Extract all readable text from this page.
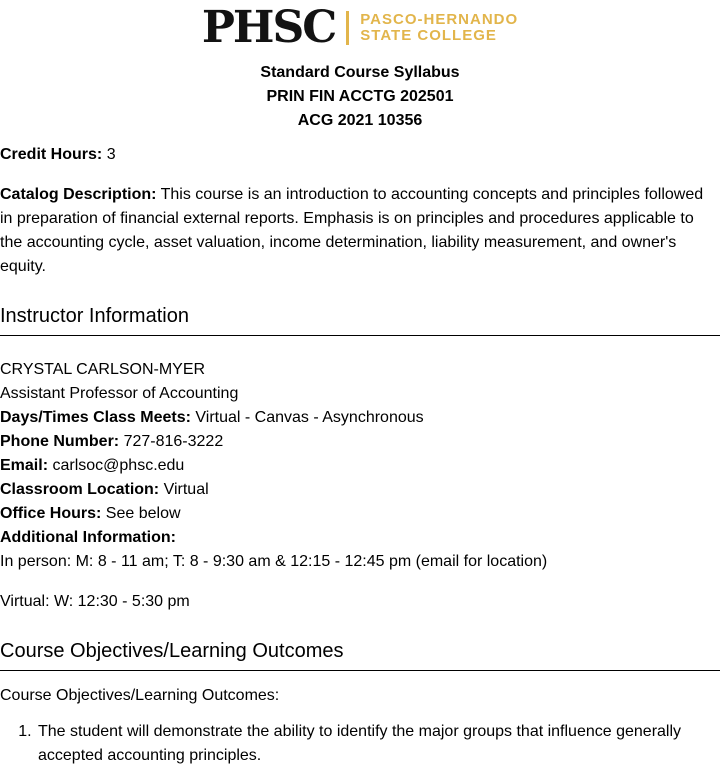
PHSC PASCO-HERNANDO
STATE COLLEGE
Standard Course Syllabus
PRIN FIN ACCTG 202501
ACG 2021 10356

Credit Hours: 3

Catalog Description: This course is an introduction to accounting concepts and principles followed in preparation of financial external reports. Emphasis is on principles and procedures applicable to the accounting cycle, asset valuation, income determination, liability measurement, and owner's equity.

Instructor Information

CRYSTAL CARLSON-MYER
Assistant Professor of Accounting
Days/Times Class Meets: Virtual - Canvas - Asynchronous
Phone Number: 727-816-3222
Email: carlsoc@phsc.edu
Classroom Location: Virtual
Office Hours: See below
Additional Information:
In person: M: 8 - 11 am; T: 8 - 9:30 am & 12:15 - 12:45 pm (email for location)

Virtual: W: 12:30 - 5:30 pm

Course Objectives/Learning Outcomes

Course Objectives/Learning Outcomes:

1. The student will demonstrate the ability to identify the major groups that influence generally accepted accounting principles.
